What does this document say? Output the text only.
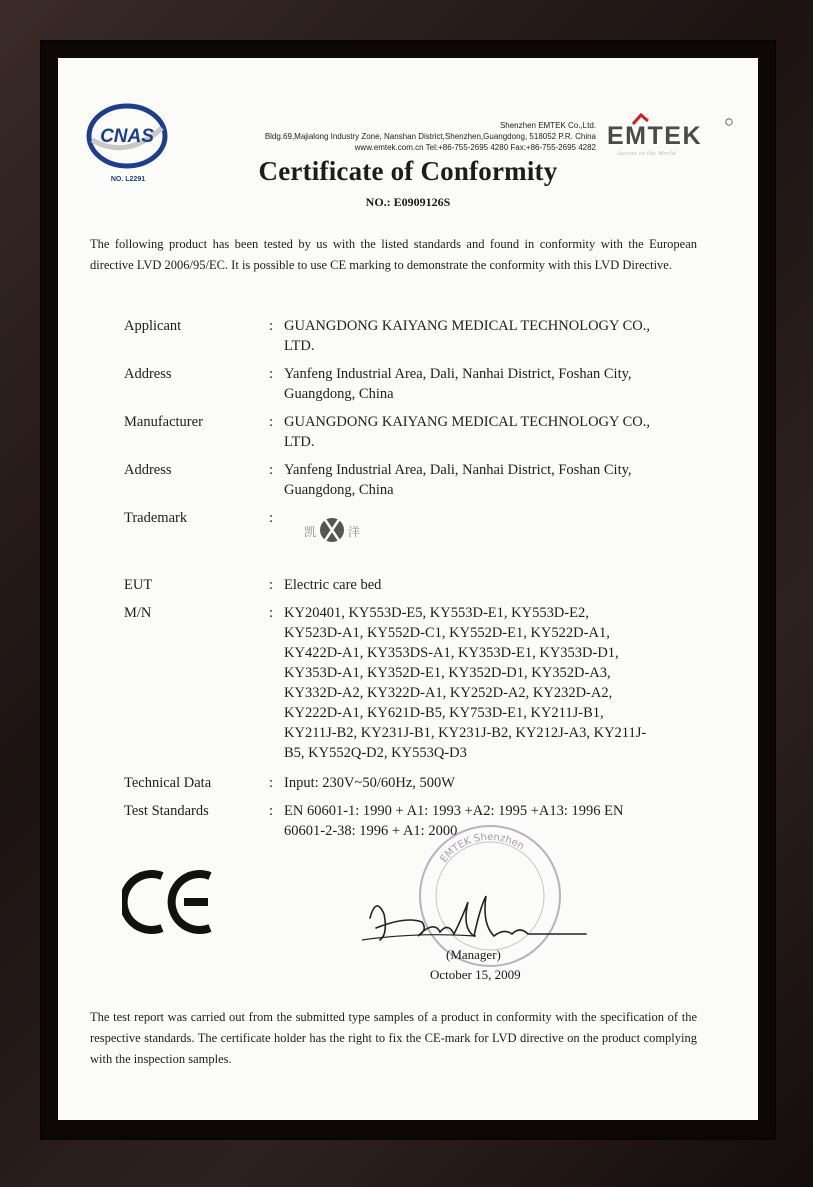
CNAS
NO. L2291
Shenzhen EMTEK Co.,Ltd.
Bldg.69,Majialong Industry Zone, Nanshan District,Shenzhen,Guangdong, 518052 P.R. China
www.emtek.com.cn Tel:+86-755-2695 4280 Fax:+86-755-2695 4282 EMTEK
Access to the World
Certificate of Conformity
NO.: E0909126S
The following product has been tested by us with the listed standards and found in conformity with the European directive LVD 2006/95/EC. It is possible to use CE marking to demonstrate the conformity with this LVD Directive.
Applicant	: GUANGDONG KAIYANG MEDICAL TECHNOLOGY CO., LTD.
Address	: Yanfeng Industrial Area, Dali, Nanhai District, Foshan City, Guangdong, China
Manufacturer	: GUANGDONG KAIYANG MEDICAL TECHNOLOGY CO., LTD.
Address	: Yanfeng Industrial Area, Dali, Nanhai District, Foshan City, Guangdong, China
Trademark	:
凯 洋
EUT	: Electric care bed
M/N	: KY20401, KY553D-E5, KY553D-E1, KY553D-E2, KY523D-A1, KY552D-C1, KY552D-E1, KY522D-A1, KY422D-A1, KY353DS-A1, KY353D-E1, KY353D-D1, KY353D-A1, KY352D-E1, KY352D-D1, KY352D-A3, KY332D-A2, KY322D-A1, KY252D-A2, KY232D-A2, KY222D-A1, KY621D-B5, KY753D-E1, KY211J-B1, KY211J-B2, KY231J-B1, KY231J-B2, KY212J-A3, KY211J-B5, KY552Q-D2, KY553Q-D3
Technical Data	: Input: 230V~50/60Hz, 500W
Test Standards	: EN 60601-1: 1990 + A1: 1993 +A2: 1995 +A13: 1996 EN 60601-2-38: 1996 + A1: 2000
EMTEK Shenzhen
(Manager)
October 15, 2009
The test report was carried out from the submitted type samples of a product in conformity with the specification of the respective standards. The certificate holder has the right to fix the CE-mark for LVD directive on the product complying with the inspection samples.
